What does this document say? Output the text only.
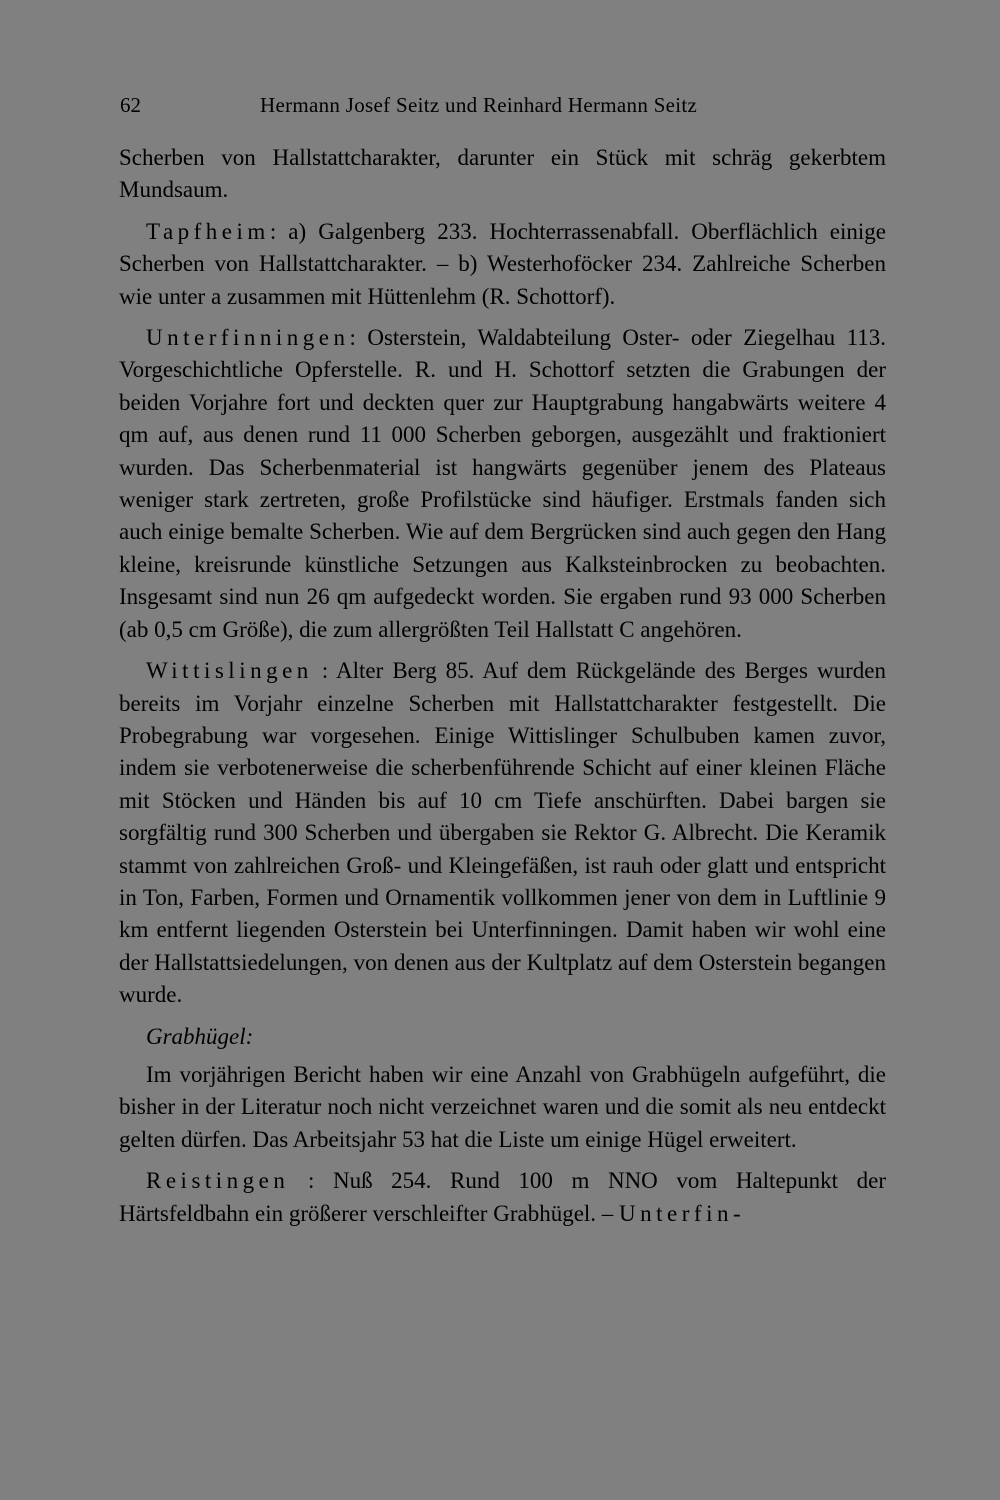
62	Hermann Josef Seitz und Reinhard Hermann Seitz

Scherben von Hallstattcharakter, darunter ein Stück mit schräg gekerbtem Mundsaum.

Tapfheim: a) Galgenberg 233. Hochterrassenabfall. Oberflächlich einige Scherben von Hallstattcharakter. – b) Westerhoföcker 234. Zahlreiche Scherben wie unter a zusammen mit Hüttenlehm (R. Schottorf).

Unterfinningen: Osterstein, Waldabteilung Oster- oder Ziegelhau 113. Vorgeschichtliche Opferstelle. R. und H. Schottorf setzten die Grabungen der beiden Vorjahre fort und deckten quer zur Hauptgrabung hangabwärts weitere 4 qm auf, aus denen rund 11 000 Scherben geborgen, ausgezählt und fraktioniert wurden. Das Scherbenmaterial ist hangwärts gegenüber jenem des Plateaus weniger stark zertreten, große Profilstücke sind häufiger. Erstmals fanden sich auch einige bemalte Scherben. Wie auf dem Bergrücken sind auch gegen den Hang kleine, kreisrunde künstliche Setzungen aus Kalksteinbrocken zu beobachten. Insgesamt sind nun 26 qm aufgedeckt worden. Sie ergaben rund 93 000 Scherben (ab 0,5 cm Größe), die zum allergrößten Teil Hallstatt C angehören.

Wittislingen : Alter Berg 85. Auf dem Rückgelände des Berges wurden bereits im Vorjahr einzelne Scherben mit Hallstattcharakter festgestellt. Die Probegrabung war vorgesehen. Einige Wittislinger Schulbuben kamen zuvor, indem sie verbotenerweise die scherbenführende Schicht auf einer kleinen Fläche mit Stöcken und Händen bis auf 10 cm Tiefe anschürften. Dabei bargen sie sorgfältig rund 300 Scherben und übergaben sie Rektor G. Albrecht. Die Keramik stammt von zahlreichen Groß- und Kleingefäßen, ist rauh oder glatt und entspricht in Ton, Farben, Formen und Ornamentik vollkommen jener von dem in Luftlinie 9 km entfernt liegenden Osterstein bei Unterfinningen. Damit haben wir wohl eine der Hallstattsiedelungen, von denen aus der Kultplatz auf dem Osterstein begangen wurde.

Grabhügel:

Im vorjährigen Bericht haben wir eine Anzahl von Grabhügeln aufgeführt, die bisher in der Literatur noch nicht verzeichnet waren und die somit als neu entdeckt gelten dürfen. Das Arbeitsjahr 53 hat die Liste um einige Hügel erweitert.

Reistingen : Nuß 254. Rund 100 m NNO vom Haltepunkt der Härtsfeldbahn ein größerer verschleifter Grabhügel. – Unterfin-
